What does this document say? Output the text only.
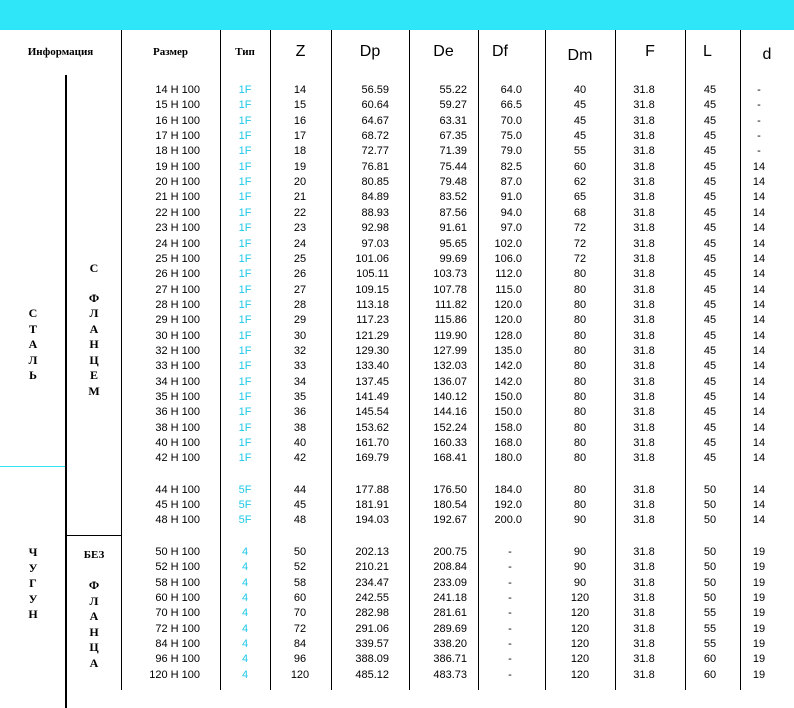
Информация	Размер	Тип	Z	Dp	De	Df	Dm	F	L	d
С
Т
А
Л
Ь
Ч
У
Г
У
Н
С
Ф
Л
А
Н
Ц
Е
М
БЕЗ
Ф
Л
А
Н
Ц
А
14 H 100	1F	14	56.59	55.22	64.0	40	31.8	45	-
15 H 100	1F	15	60.64	59.27	66.5	45	31.8	45	-
16 H 100	1F	16	64.67	63.31	70.0	45	31.8	45	-
17 H 100	1F	17	68.72	67.35	75.0	45	31.8	45	-
18 H 100	1F	18	72.77	71.39	79.0	55	31.8	45	-
19 H 100	1F	19	76.81	75.44	82.5	60	31.8	45	14
20 H 100	1F	20	80.85	79.48	87.0	62	31.8	45	14
21 H 100	1F	21	84.89	83.52	91.0	65	31.8	45	14
22 H 100	1F	22	88.93	87.56	94.0	68	31.8	45	14
23 H 100	1F	23	92.98	91.61	97.0	72	31.8	45	14
24 H 100	1F	24	97.03	95.65	102.0	72	31.8	45	14
25 H 100	1F	25	101.06	99.69	106.0	72	31.8	45	14
26 H 100	1F	26	105.11	103.73	112.0	80	31.8	45	14
27 H 100	1F	27	109.15	107.78	115.0	80	31.8	45	14
28 H 100	1F	28	113.18	111.82	120.0	80	31.8	45	14
29 H 100	1F	29	117.23	115.86	120.0	80	31.8	45	14
30 H 100	1F	30	121.29	119.90	128.0	80	31.8	45	14
32 H 100	1F	32	129.30	127.99	135.0	80	31.8	45	14
33 H 100	1F	33	133.40	132.03	142.0	80	31.8	45	14
34 H 100	1F	34	137.45	136.07	142.0	80	31.8	45	14
35 H 100	1F	35	141.49	140.12	150.0	80	31.8	45	14
36 H 100	1F	36	145.54	144.16	150.0	80	31.8	45	14
38 H 100	1F	38	153.62	152.24	158.0	80	31.8	45	14
40 H 100	1F	40	161.70	160.33	168.0	80	31.8	45	14
42 H 100	1F	42	169.79	168.41	180.0	80	31.8	45	14
44 H 100	5F	44	177.88	176.50	184.0	80	31.8	50	14
45 H 100	5F	45	181.91	180.54	192.0	80	31.8	50	14
48 H 100	5F	48	194.03	192.67	200.0	90	31.8	50	14
50 H 100	4	50	202.13	200.75	-	90	31.8	50	19
52 H 100	4	52	210.21	208.84	-	90	31.8	50	19
58 H 100	4	58	234.47	233.09	-	90	31.8	50	19
60 H 100	4	60	242.55	241.18	-	120	31.8	50	19
70 H 100	4	70	282.98	281.61	-	120	31.8	55	19
72 H 100	4	72	291.06	289.69	-	120	31.8	55	19
84 H 100	4	84	339.57	338.20	-	120	31.8	55	19
96 H 100	4	96	388.09	386.71	-	120	31.8	60	19
120 H 100	4	120	485.12	483.73	-	120	31.8	60	19
